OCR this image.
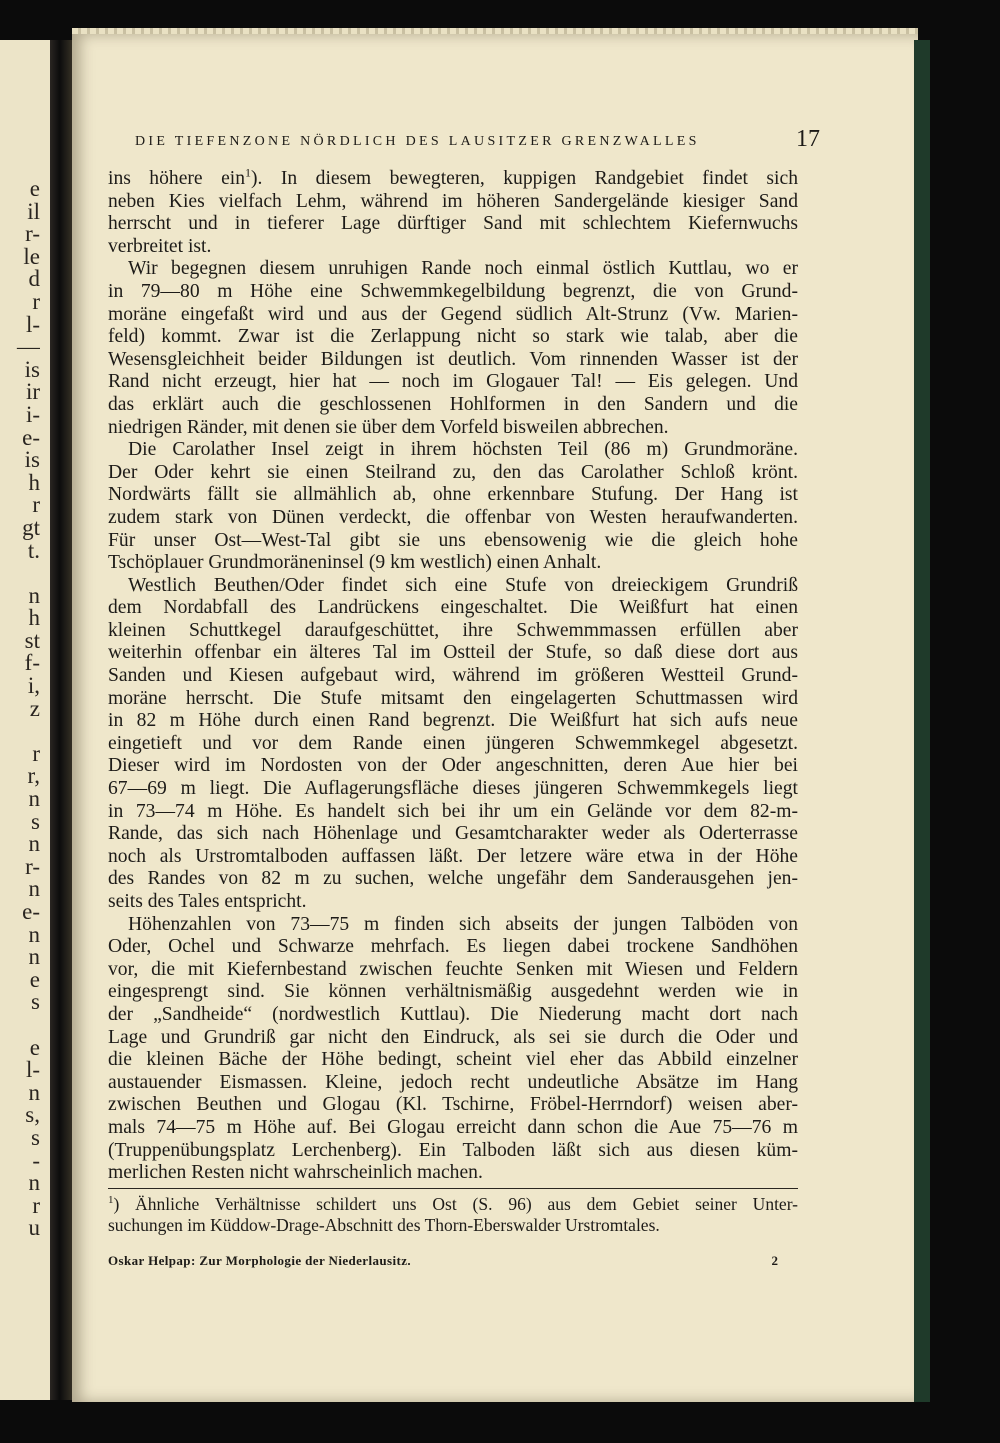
e
il
r-
le
d
r
l-
—
is
ir
i-
e-
is
h
r
gt
t.
n
h
st
f-
i,
z
r
r,
n
s
n
r-
n
e-
n
n
e
s
e
l-
n
s,
s
-
n
r
u
DIE TIEFENZONE NÖRDLICH DES LAUSITZER GRENZWALLES	17
ins höhere ein$^1$). In diesem bewegteren, kuppigen Randgebiet findet sich
neben Kies vielfach Lehm, während im höheren Sandergelände kiesiger Sand
herrscht und in tieferer Lage dürftiger Sand mit schlechtem Kiefernwuchs
verbreitet ist.
Wir begegnen diesem unruhigen Rande noch einmal östlich Kuttlau, wo er
in 79—80 m Höhe eine Schwemmkegelbildung begrenzt, die von Grund-
moräne eingefaßt wird und aus der Gegend südlich Alt-Strunz (Vw. Marien-
feld) kommt. Zwar ist die Zerlappung nicht so stark wie talab, aber die
Wesensgleichheit beider Bildungen ist deutlich. Vom rinnenden Wasser ist der
Rand nicht erzeugt, hier hat — noch im Glogauer Tal! — Eis gelegen. Und
das erklärt auch die geschlossenen Hohlformen in den Sandern und die
niedrigen Ränder, mit denen sie über dem Vorfeld bisweilen abbrechen.
Die Carolather Insel zeigt in ihrem höchsten Teil (86 m) Grundmoräne.
Der Oder kehrt sie einen Steilrand zu, den das Carolather Schloß krönt.
Nordwärts fällt sie allmählich ab, ohne erkennbare Stufung. Der Hang ist
zudem stark von Dünen verdeckt, die offenbar von Westen heraufwanderten.
Für unser Ost—West-Tal gibt sie uns ebensowenig wie die gleich hohe
Tschöplauer Grundmoräneninsel (9 km westlich) einen Anhalt.
Westlich Beuthen/Oder findet sich eine Stufe von dreieckigem Grundriß
dem Nordabfall des Landrückens eingeschaltet. Die Weißfurt hat einen
kleinen Schuttkegel daraufgeschüttet, ihre Schwemmmassen erfüllen aber
weiterhin offenbar ein älteres Tal im Ostteil der Stufe, so daß diese dort aus
Sanden und Kiesen aufgebaut wird, während im größeren Westteil Grund-
moräne herrscht. Die Stufe mitsamt den eingelagerten Schuttmassen wird
in 82 m Höhe durch einen Rand begrenzt. Die Weißfurt hat sich aufs neue
eingetieft und vor dem Rande einen jüngeren Schwemmkegel abgesetzt.
Dieser wird im Nordosten von der Oder angeschnitten, deren Aue hier bei
67—69 m liegt. Die Auflagerungsfläche dieses jüngeren Schwemmkegels liegt
in 73—74 m Höhe. Es handelt sich bei ihr um ein Gelände vor dem 82-m-
Rande, das sich nach Höhenlage und Gesamtcharakter weder als Oderterrasse
noch als Urstromtalboden auffassen läßt. Der letzere wäre etwa in der Höhe
des Randes von 82 m zu suchen, welche ungefähr dem Sanderausgehen jen-
seits des Tales entspricht.
Höhenzahlen von 73—75 m finden sich abseits der jungen Talböden von
Oder, Ochel und Schwarze mehrfach. Es liegen dabei trockene Sandhöhen
vor, die mit Kiefernbestand zwischen feuchte Senken mit Wiesen und Feldern
eingesprengt sind. Sie können verhältnismäßig ausgedehnt werden wie in
der „Sandheide“ (nordwestlich Kuttlau). Die Niederung macht dort nach
Lage und Grundriß gar nicht den Eindruck, als sei sie durch die Oder und
die kleinen Bäche der Höhe bedingt, scheint viel eher das Abbild einzelner
austauender Eismassen. Kleine, jedoch recht undeutliche Absätze im Hang
zwischen Beuthen und Glogau (Kl. Tschirne, Fröbel-Herrndorf) weisen aber-
mals 74—75 m Höhe auf. Bei Glogau erreicht dann schon die Aue 75—76 m
(Truppenübungsplatz Lerchenberg). Ein Talboden läßt sich aus diesen küm-
merlichen Resten nicht wahrscheinlich machen.
$^1$) Ähnliche Verhältnisse schildert uns Ost (S. 96) aus dem Gebiet seiner Unter-
suchungen im Küddow-Drage-Abschnitt des Thorn-Eberswalder Urstromtales.
Oskar Helpap: Zur Morphologie der Niederlausitz.	2
